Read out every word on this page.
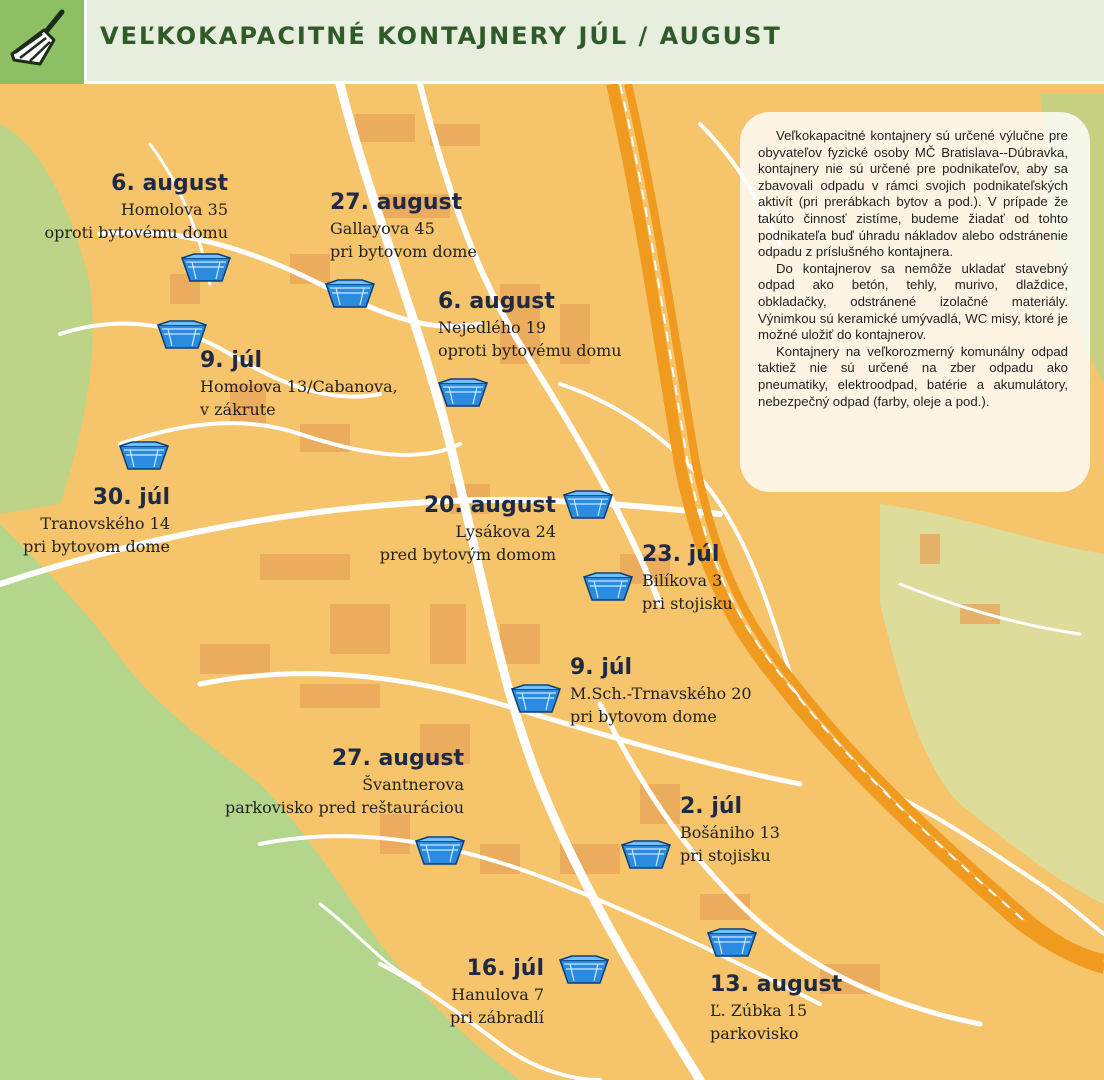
VEĽKOKAPACITNÉ KONTAJNERY JÚL / AUGUST

Veľkokapacitné kontajnery sú určené výlučne pre obyvateľov fyzické osoby MČ Bratislava--Dúbravka, kontajnery nie sú určené pre podnikateľov, aby sa zbavovali odpadu v rámci svojich podnikateľských aktivít (pri prerábkach bytov a pod.). V prípade že takúto činnosť zistíme, budeme žiadať od tohto podnikateľa buď úhradu nákladov alebo odstránenie odpadu z príslušného kontajnera.

Do kontajnerov sa nemôže ukladať stavebný odpad ako betón, tehly, murivo, dlaždice, obkladačky, odstránené izolačné materiály. Výnimkou sú keramické umývadlá, WC misy, ktoré je možné uložiť do kontajnerov.

Kontajnery na veľkorozmerný komunálny odpad taktiež nie sú určené na zber odpadu ako pneumatiky, elektroodpad, batérie a akumulátory, nebezpečný odpad (farby, oleje a pod.).

6. august
Homolova 35
oproti bytovému domu
27. august
Gallayova 45
pri bytovom dome
6. august
Nejedlého 19
oproti bytovému domu
9. júl
Homolova 13/Cabanova,
v zákrute
30. júl
Tranovského 14
pri bytovom dome
20. august
Lysákova 24
pred bytovým domom	23. júl
Bilíkova 3
pri stojisku
9. júl
M.Sch.-Trnavského 20
pri bytovom dome
27. august
Švantnerova
parkovisko pred reštauráciou	2. júl
Bošániho 13
pri stojisku
16. júl
Hanulova 7
pri zábradlí
13. august
Ľ. Zúbka 15
parkovisko
